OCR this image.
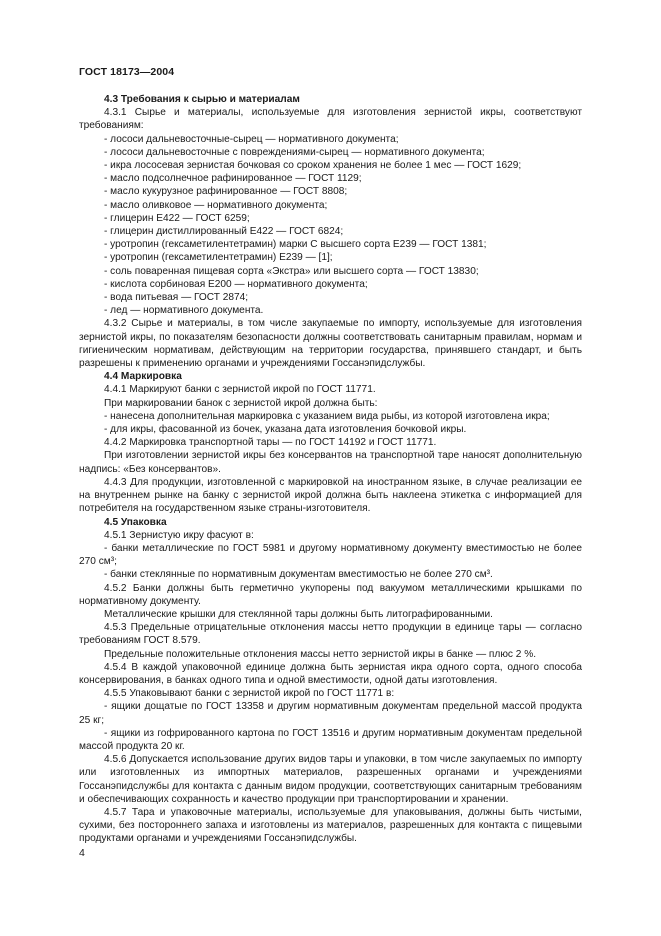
ГОСТ 18173—2004

4.3 Требования к сырью и материалам

4.3.1 Сырье и материалы, используемые для изготовления зернистой икры, соответствуют требованиям:

- лососи дальневосточные-сырец — нормативного документа;

- лососи дальневосточные с повреждениями-сырец — нормативного документа;

- икра лососевая зернистая бочковая со сроком хранения не более 1 мес — ГОСТ 1629;

- масло подсолнечное рафинированное — ГОСТ 1129;

- масло кукурузное рафинированное — ГОСТ 8808;

- масло оливковое — нормативного документа;

- глицерин Е422 — ГОСТ 6259;

- глицерин дистиллированный Е422 — ГОСТ 6824;

- уротропин (гексаметилентетрамин) марки С высшего сорта Е239 — ГОСТ 1381;

- уротропин (гексаметилентетрамин) Е239 — [1];

- соль поваренная пищевая сорта «Экстра» или высшего сорта — ГОСТ 13830;

- кислота сорбиновая Е200 — нормативного документа;

- вода питьевая — ГОСТ 2874;

- лед — нормативного документа.

4.3.2 Сырье и материалы, в том числе закупаемые по импорту, используемые для изготовления зернистой икры, по показателям безопасности должны соответствовать санитарным правилам, нормам и гигиеническим нормативам, действующим на территории государства, принявшего стандарт, и быть разрешены к применению органами и учреждениями Госсанэпидслужбы.

4.4 Маркировка

4.4.1 Маркируют банки с зернистой икрой по ГОСТ 11771.

При маркировании банок с зернистой икрой должна быть:

- нанесена дополнительная маркировка с указанием вида рыбы, из которой изготовлена икра;

- для икры, фасованной из бочек, указана дата изготовления бочковой икры.

4.4.2 Маркировка транспортной тары — по ГОСТ 14192 и ГОСТ 11771.

При изготовлении зернистой икры без консервантов на транспортной таре наносят дополнительную надпись: «Без консервантов».

4.4.3 Для продукции, изготовленной с маркировкой на иностранном языке, в случае реализации ее на внутреннем рынке на банку с зернистой икрой должна быть наклеена этикетка с информацией для потребителя на государственном языке страны-изготовителя.

4.5 Упаковка

4.5.1 Зернистую икру фасуют в:

- банки металлические по ГОСТ 5981 и другому нормативному документу вместимостью не более 270 см³;

- банки стеклянные по нормативным документам вместимостью не более 270 см³.

4.5.2 Банки должны быть герметично укупорены под вакуумом металлическими крышками по нормативному документу.

Металлические крышки для стеклянной тары должны быть литографированными.

4.5.3 Предельные отрицательные отклонения массы нетто продукции в единице тары — согласно требованиям ГОСТ 8.579.

Предельные положительные отклонения массы нетто зернистой икры в банке — плюс 2 %.

4.5.4 В каждой упаковочной единице должна быть зернистая икра одного сорта, одного способа консервирования, в банках одного типа и одной вместимости, одной даты изготовления.

4.5.5 Упаковывают банки с зернистой икрой по ГОСТ 11771 в:

- ящики дощатые по ГОСТ 13358 и другим нормативным документам предельной массой продукта 25 кг;

- ящики из гофрированного картона по ГОСТ 13516 и другим нормативным документам предельной массой продукта 20 кг.

4.5.6 Допускается использование других видов тары и упаковки, в том числе закупаемых по импорту или изготовленных из импортных материалов, разрешенных органами и учреждениями Госсанэпидслужбы для контакта с данным видом продукции, соответствующих санитарным требованиям и обеспечивающих сохранность и качество продукции при транспортировании и хранении.

4.5.7 Тара и упаковочные материалы, используемые для упаковывания, должны быть чистыми, сухими, без постороннего запаха и изготовлены из материалов, разрешенных для контакта с пищевыми продуктами органами и учреждениями Госсанэпидслужбы.

4
